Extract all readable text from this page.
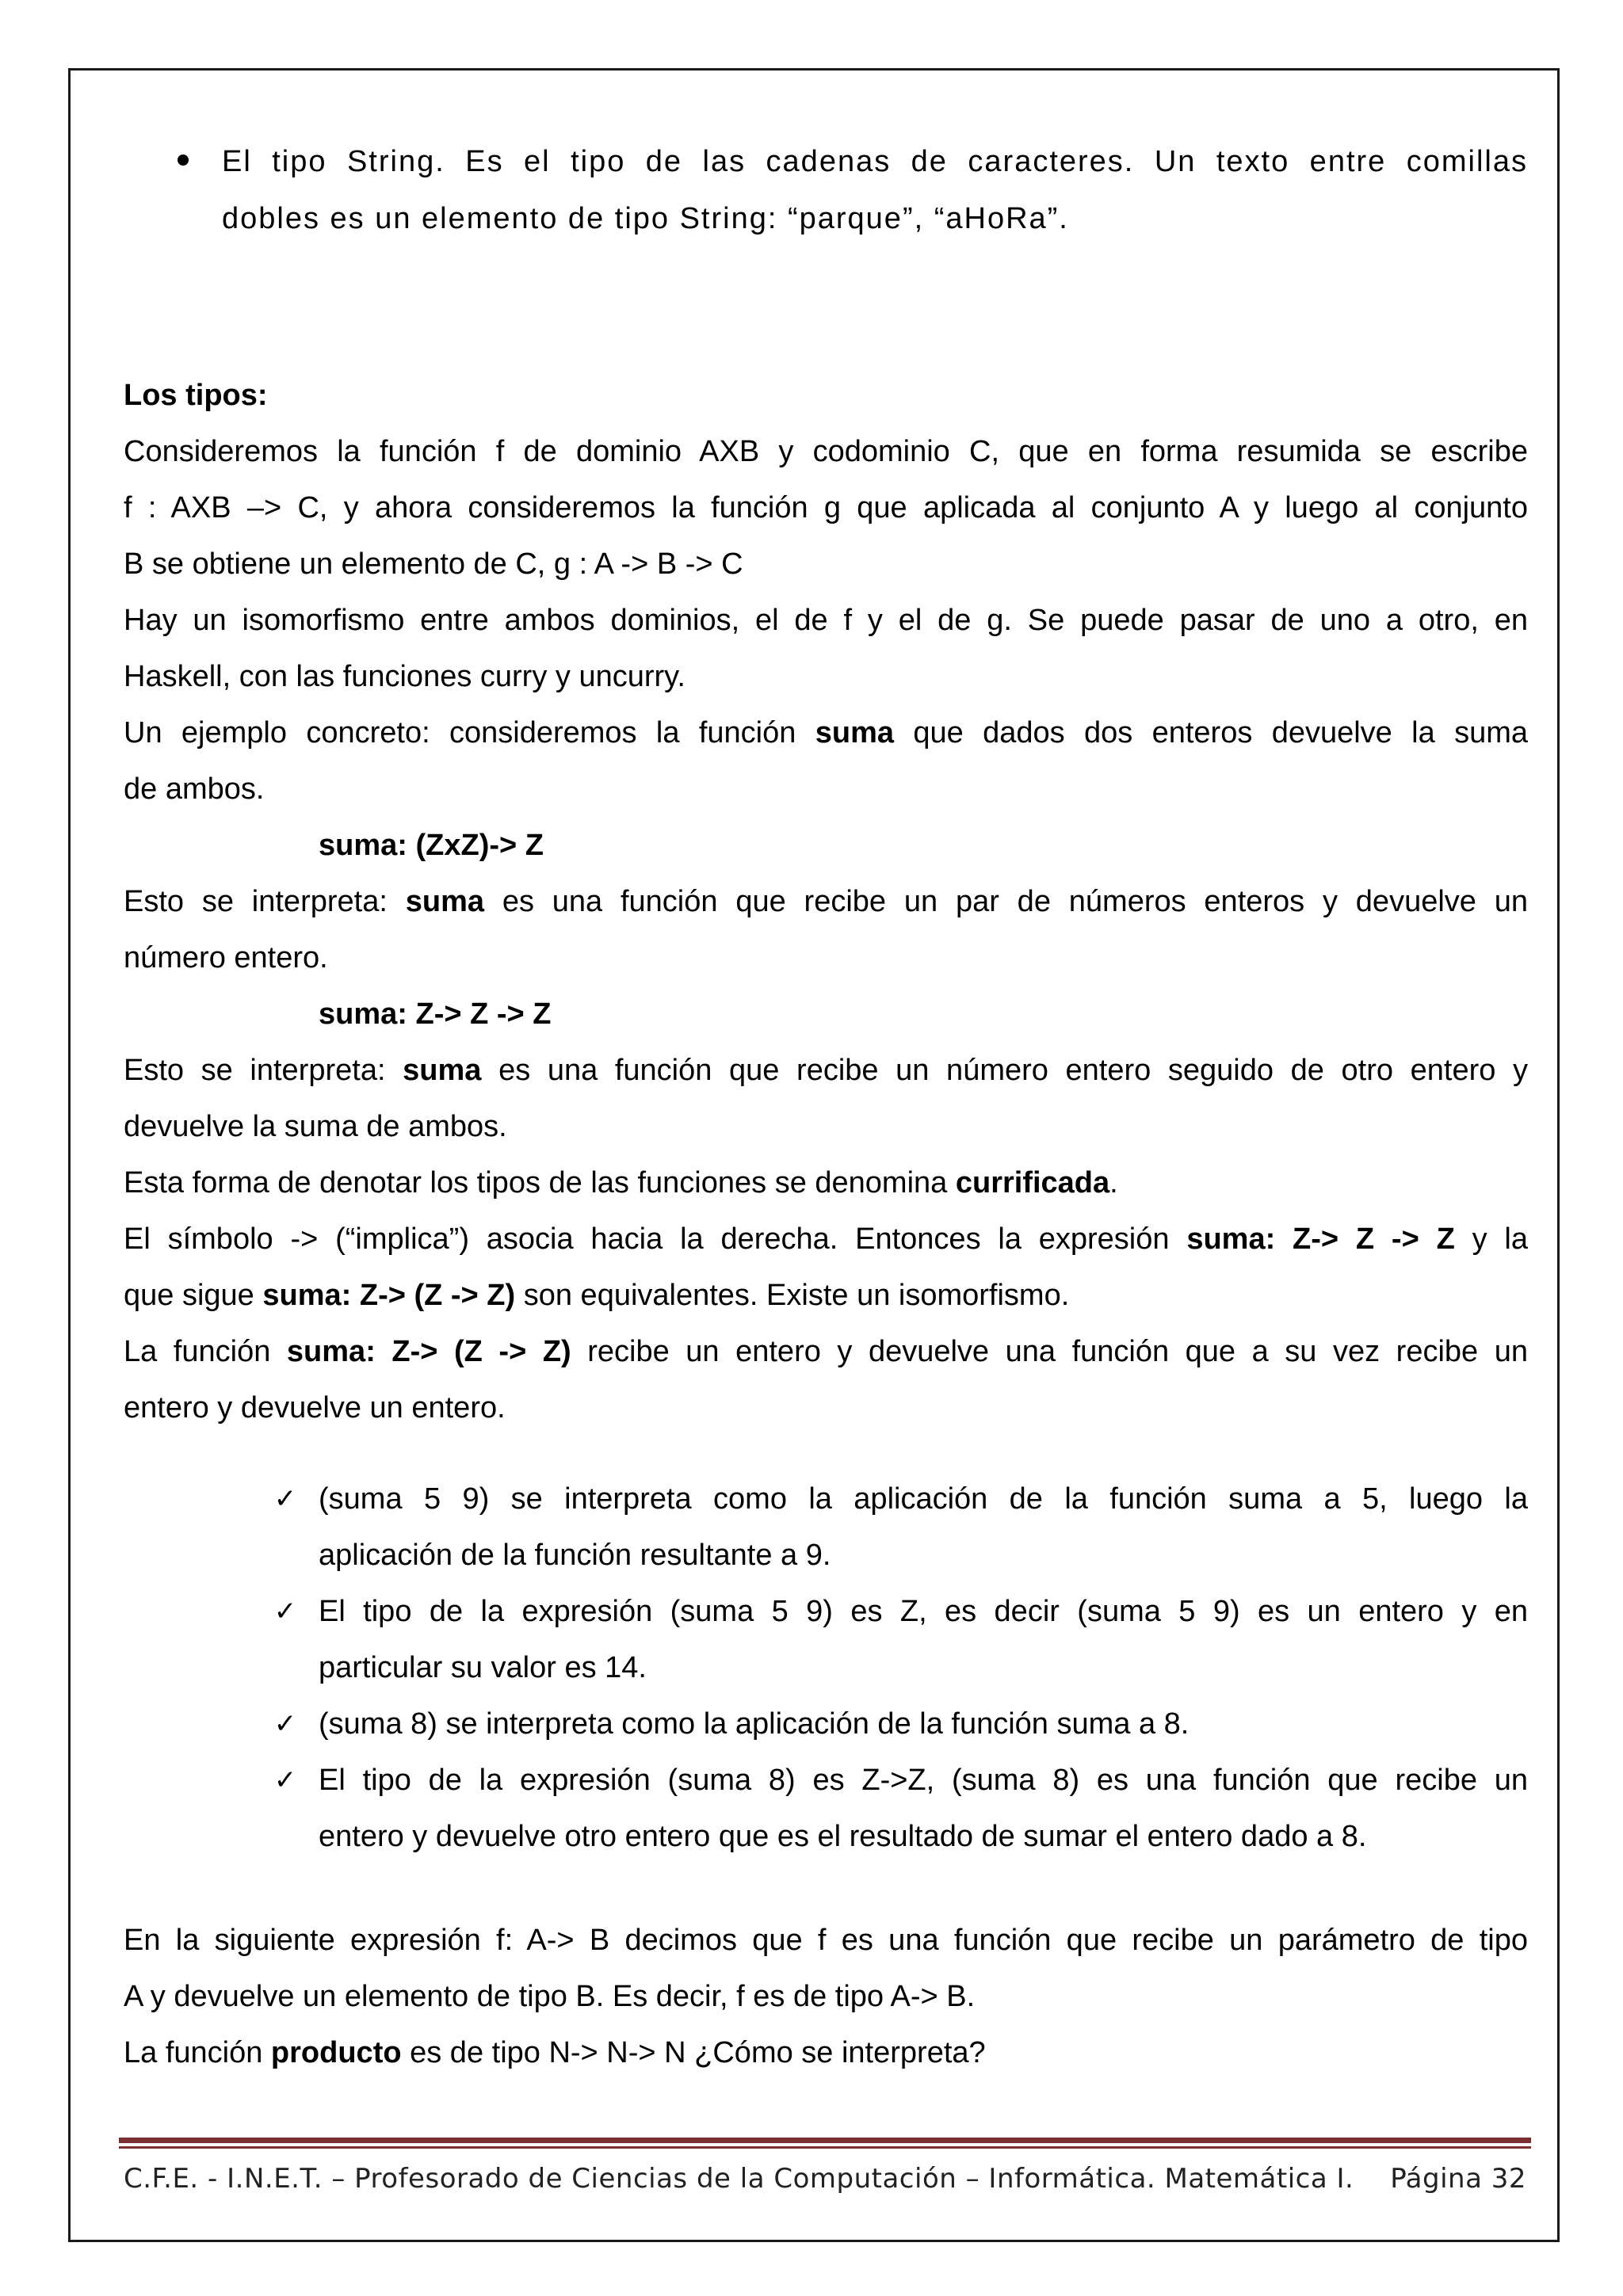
El tipo String. Es el tipo de las cadenas de caracteres. Un texto entre comillas
dobles es un elemento de tipo String: “parque”, “aHoRa”.
Los tipos:
Consideremos la función f de dominio AXB y codominio C, que en forma resumida se escribe
f : AXB –> C, y ahora consideremos la función g que aplicada al conjunto A y luego al conjunto
B se obtiene un elemento de C, g : A -> B -> C
Hay un isomorfismo entre ambos dominios, el de f y el de g. Se puede pasar de uno a otro, en
Haskell, con las funciones curry y uncurry.
Un ejemplo concreto: consideremos la función suma que dados dos enteros devuelve la suma
de ambos.
suma: (ZxZ)-> Z
Esto se interpreta: suma es una función que recibe un par de números enteros y devuelve un
número entero.
suma: Z-> Z -> Z
Esto se interpreta: suma es una función que recibe un número entero seguido de otro entero y
devuelve la suma de ambos.
Esta forma de denotar los tipos de las funciones se denomina currificada.
El símbolo -> (“implica”) asocia hacia la derecha. Entonces la expresión suma: Z-> Z -> Z y la
que sigue suma: Z-> (Z -> Z) son equivalentes. Existe un isomorfismo.
La función suma: Z-> (Z -> Z) recibe un entero y devuelve una función que a su vez recibe un
entero y devuelve un entero.
✓ (suma 5 9) se interpreta como la aplicación de la función suma a 5, luego la
aplicación de la función resultante a 9.
✓ El tipo de la expresión (suma 5 9) es Z, es decir (suma 5 9) es un entero y en
particular su valor es 14.
✓ (suma 8) se interpreta como la aplicación de la función suma a 8.
✓ El tipo de la expresión (suma 8) es Z->Z, (suma 8) es una función que recibe un
entero y devuelve otro entero que es el resultado de sumar el entero dado a 8.
En la siguiente expresión f: A-> B decimos que f es una función que recibe un parámetro de tipo
A y devuelve un elemento de tipo B. Es decir, f es de tipo A-> B.
La función producto es de tipo N-> N-> N ¿Cómo se interpreta?
C.F.E. - I.N.E.T. – Profesorado de Ciencias de la Computación – Informática. Matemática I. Página 32
